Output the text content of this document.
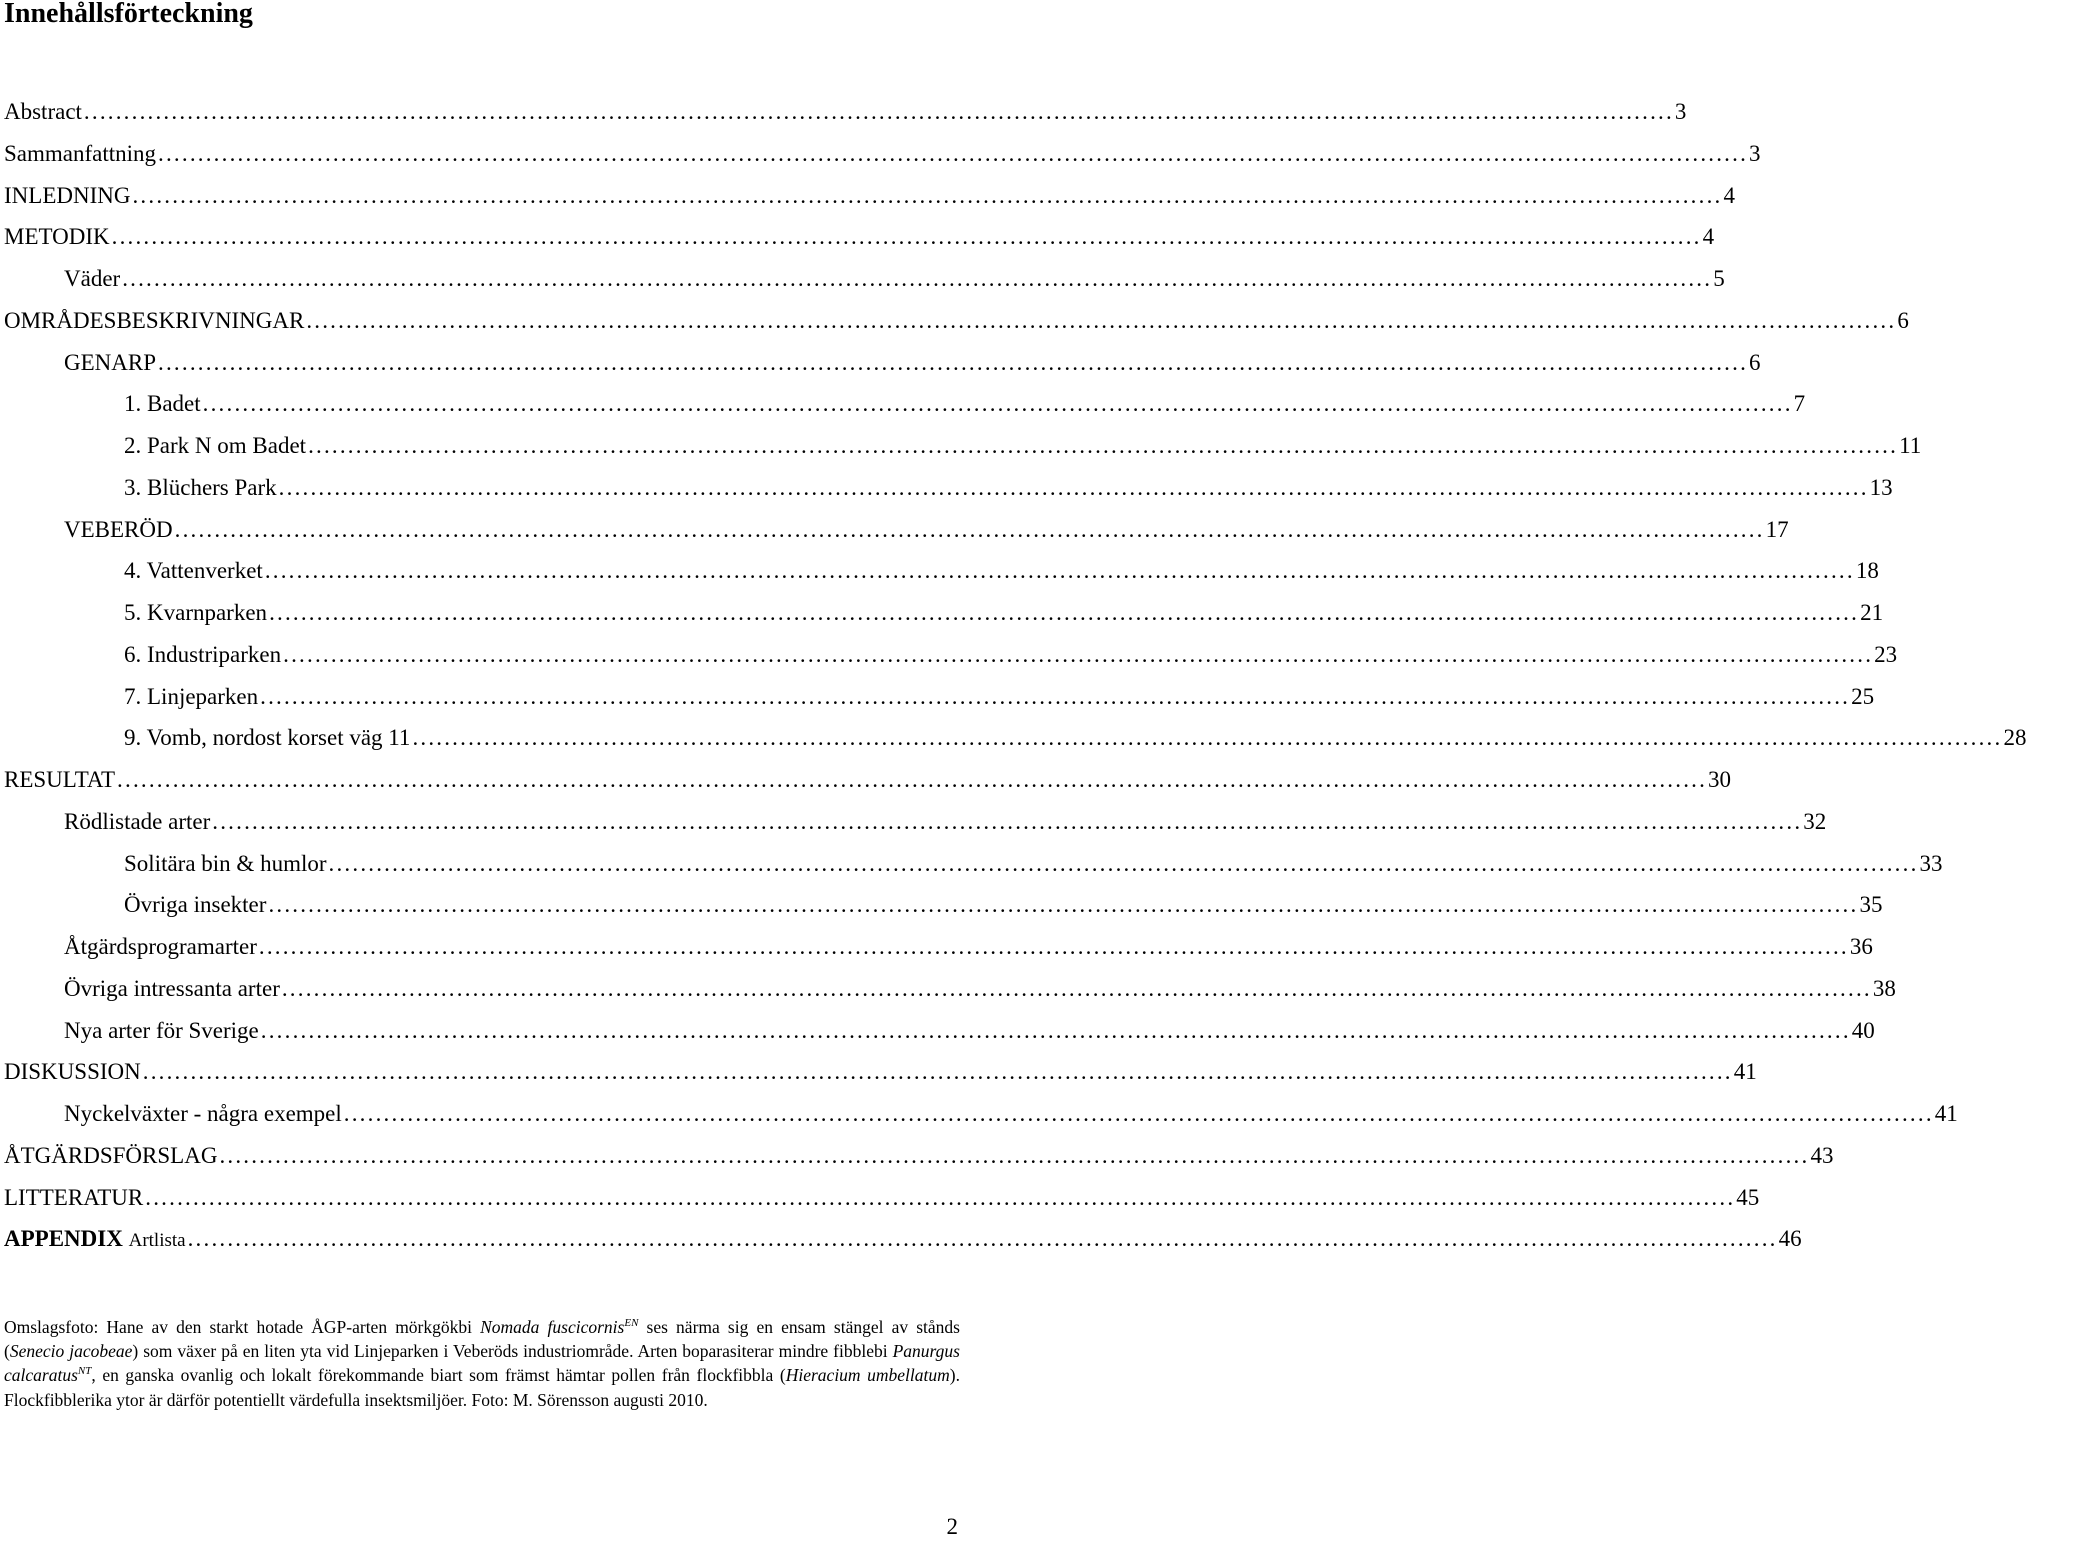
Innehållsförteckning
Abstract ........................................................................................................................................................................................................ 3
Sammanfattning ........................................................................................................................................................................................................ 3
INLEDNING ........................................................................................................................................................................................................ 4
METODIK ........................................................................................................................................................................................................ 4
Väder ........................................................................................................................................................................................................ 5
OMRÅDESBESKRIVNINGAR ........................................................................................................................................................................................................ 6
GENARP ........................................................................................................................................................................................................ 6
1. Badet ........................................................................................................................................................................................................ 7
2. Park N om Badet ........................................................................................................................................................................................................ 11
3. Blüchers Park ........................................................................................................................................................................................................ 13
VEBERÖD ........................................................................................................................................................................................................ 17
4. Vattenverket ........................................................................................................................................................................................................ 18
5. Kvarnparken ........................................................................................................................................................................................................ 21
6. Industriparken ........................................................................................................................................................................................................ 23
7. Linjeparken ........................................................................................................................................................................................................ 25
9. Vomb, nordost korset väg 11 ........................................................................................................................................................................................................ 28
RESULTAT ........................................................................................................................................................................................................ 30
Rödlistade arter ........................................................................................................................................................................................................ 32
Solitära bin & humlor ........................................................................................................................................................................................................ 33
Övriga insekter ........................................................................................................................................................................................................ 35
Åtgärdsprogramarter ........................................................................................................................................................................................................ 36
Övriga intressanta arter ........................................................................................................................................................................................................ 38
Nya arter för Sverige ........................................................................................................................................................................................................ 40
DISKUSSION ........................................................................................................................................................................................................ 41
Nyckelväxter - några exempel ........................................................................................................................................................................................................ 41
ÅTGÄRDSFÖRSLAG ........................................................................................................................................................................................................ 43
LITTERATUR ........................................................................................................................................................................................................ 45
APPENDIX Artlista ........................................................................................................................................................................................................ 46
Omslagsfoto: Hane av den starkt hotade ÅGP-arten mörkgökbi Nomada fuscicornis$^{EN}$ ses närma sig en ensam stängel av stånds (Senecio jacobeae) som växer på en liten yta vid Linjeparken i Veberöds industriområde. Arten boparasiterar mindre fibblebi Panurgus calcaratus$^{NT}$, en ganska ovanlig och lokalt förekommande biart som främst hämtar pollen från flockfibbla (Hieracium umbellatum). Flockfibblerika ytor är därför potentiellt värdefulla insektsmiljöer. Foto: M. Sörensson augusti 2010.
2
